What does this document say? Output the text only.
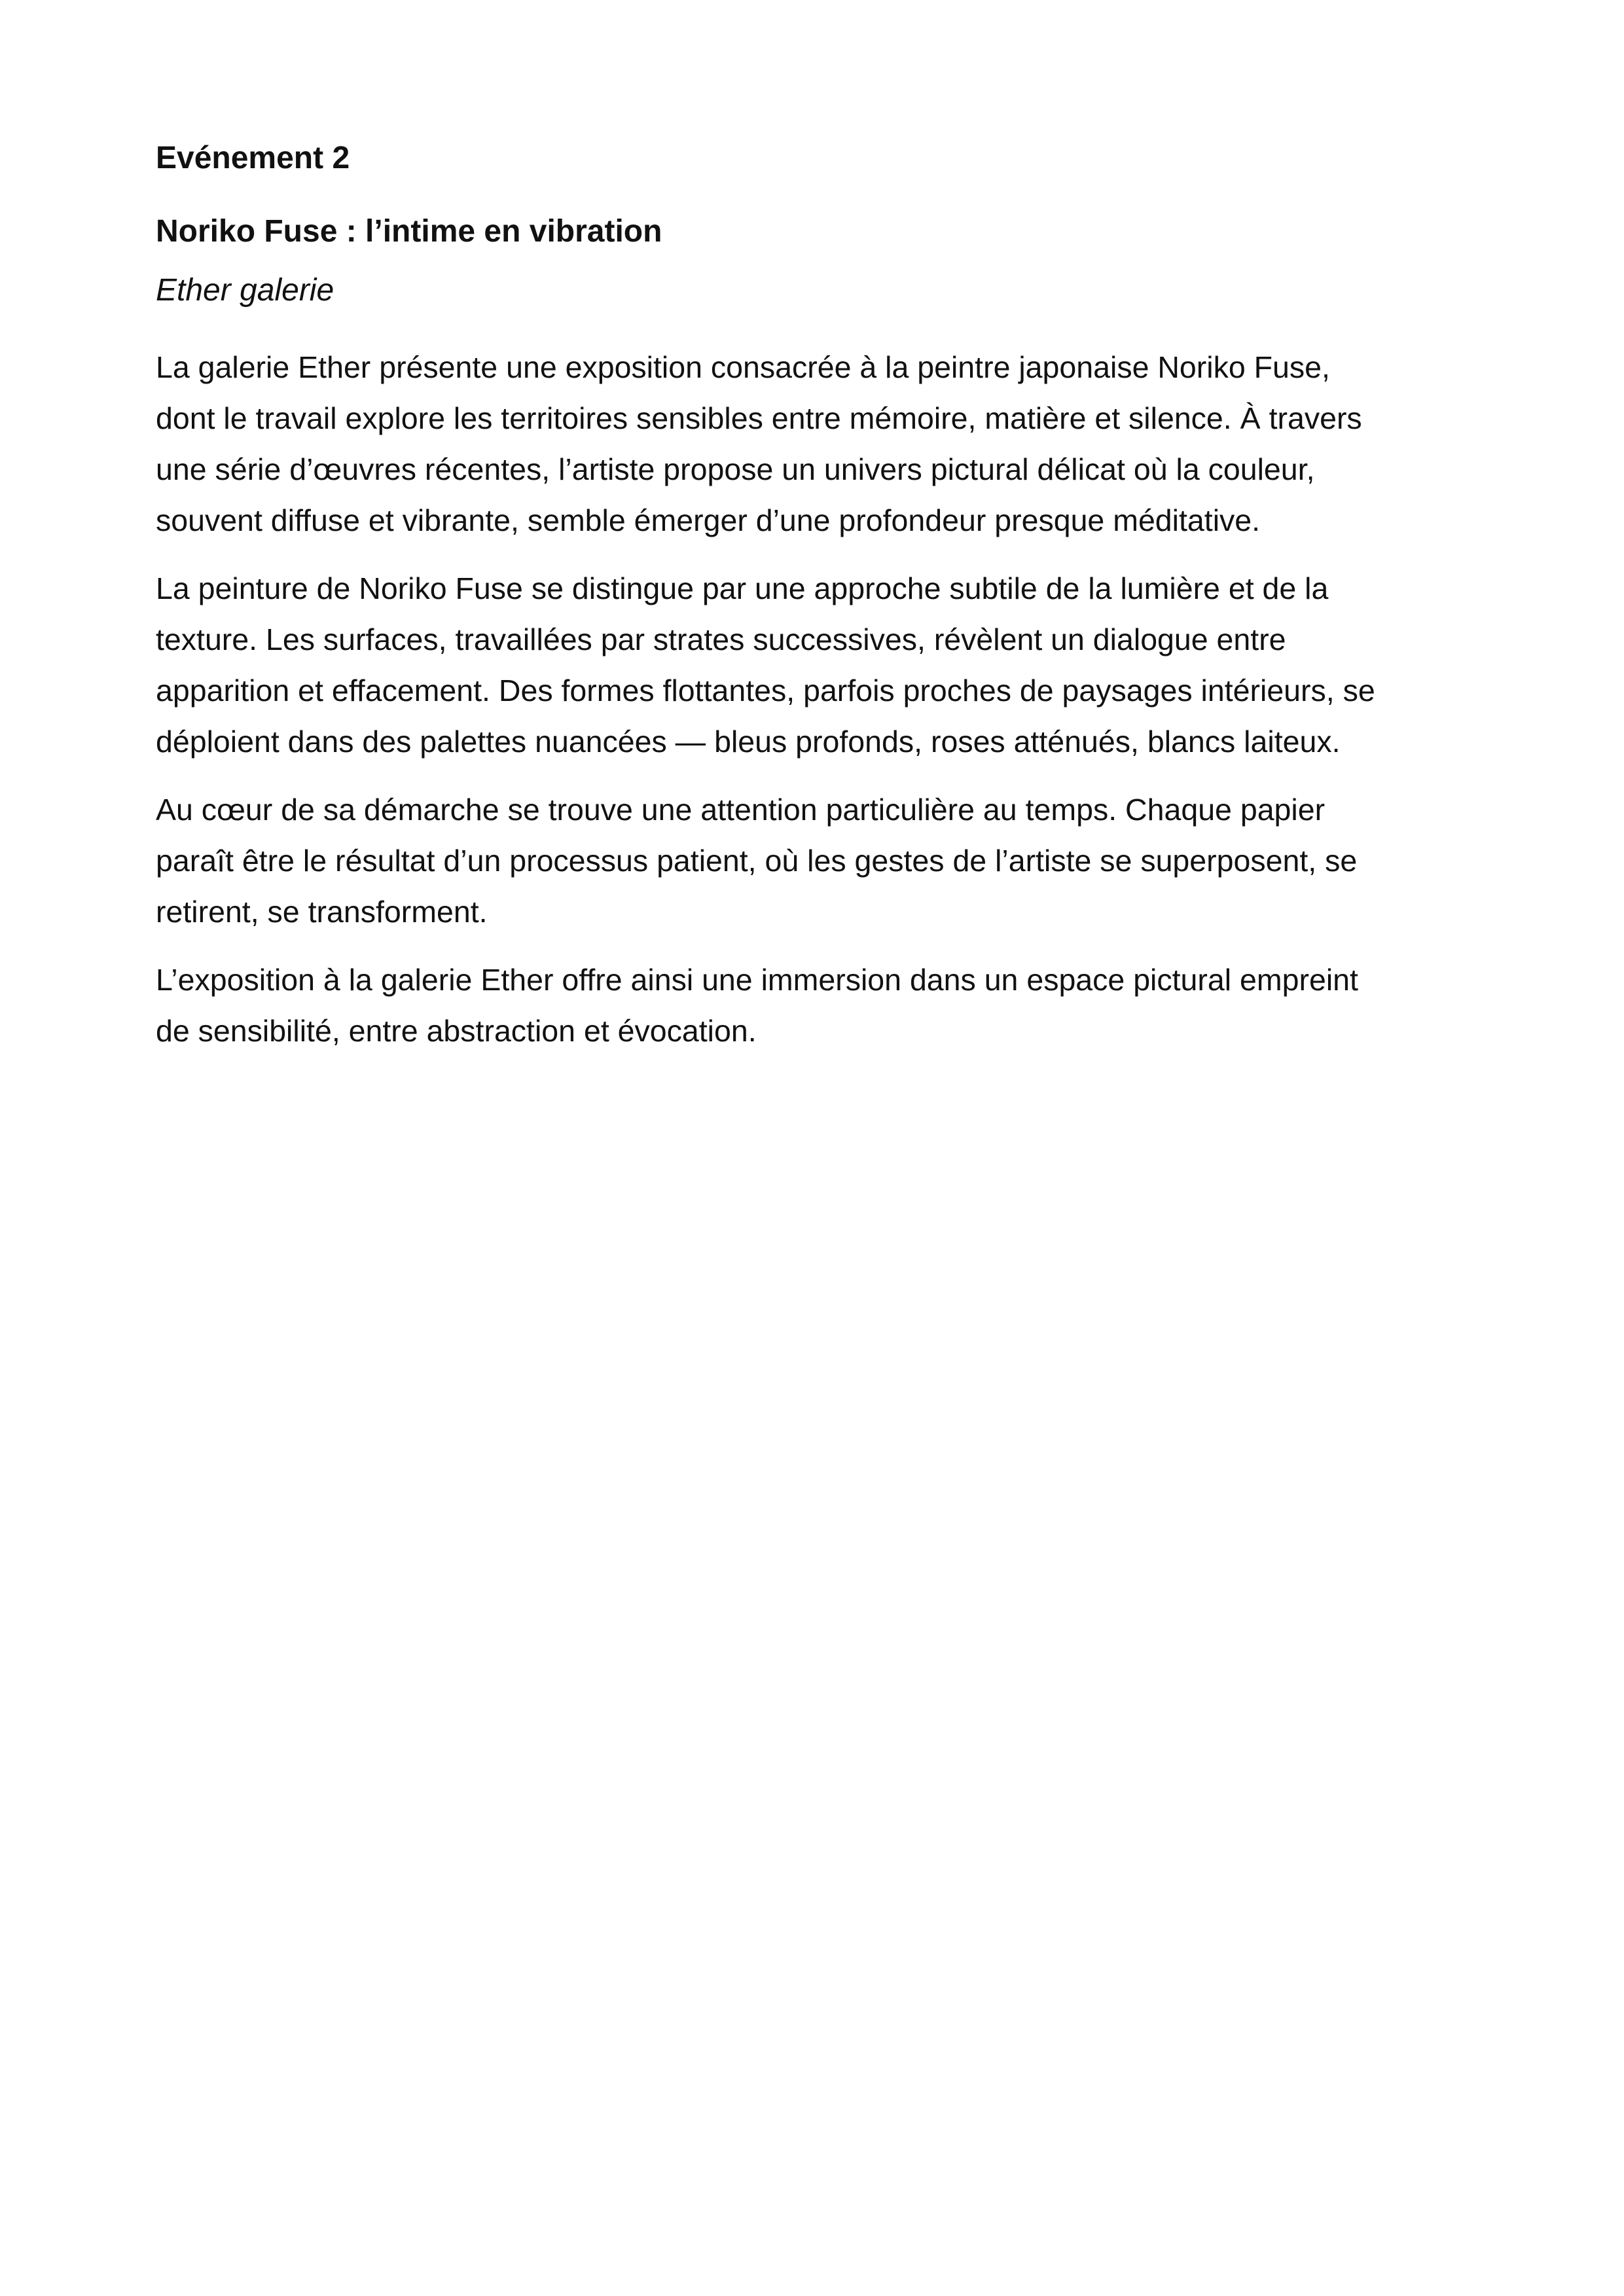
Evénement 2
Noriko Fuse : l’intime en vibration
Ether galerie

La galerie Ether présente une exposition consacrée à la peintre japonaise Noriko Fuse,
dont le travail explore les territoires sensibles entre mémoire, matière et silence. À travers
une série d’œuvres récentes, l’artiste propose un univers pictural délicat où la couleur,
souvent diffuse et vibrante, semble émerger d’une profondeur presque méditative.

La peinture de Noriko Fuse se distingue par une approche subtile de la lumière et de la
texture. Les surfaces, travaillées par strates successives, révèlent un dialogue entre
apparition et effacement. Des formes flottantes, parfois proches de paysages intérieurs, se
déploient dans des palettes nuancées — bleus profonds, roses atténués, blancs laiteux.

Au cœur de sa démarche se trouve une attention particulière au temps. Chaque papier
paraît être le résultat d’un processus patient, où les gestes de l’artiste se superposent, se
retirent, se transforment.

L’exposition à la galerie Ether offre ainsi une immersion dans un espace pictural empreint
de sensibilité, entre abstraction et évocation.
